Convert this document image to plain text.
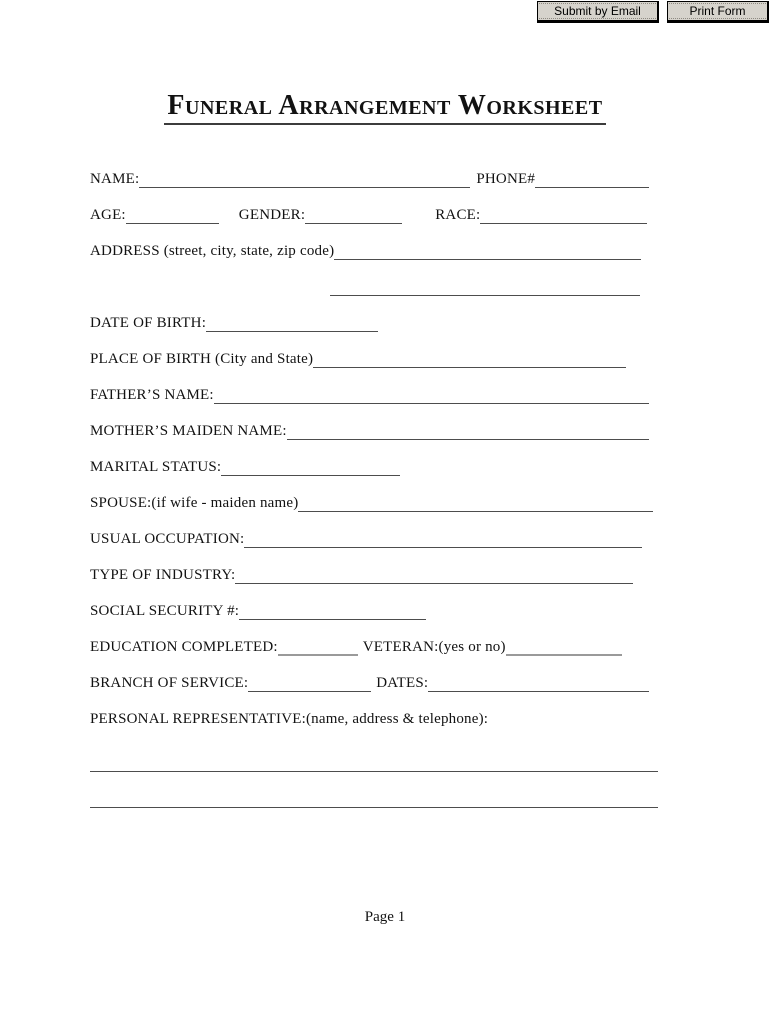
Submit by Email	Print Form
Funeral Arrangement Worksheet
NAME:	PHONE#
AGE:	GENDER:	RACE:
ADDRESS (street, city, state, zip code)
DATE OF BIRTH:
PLACE OF BIRTH (City and State)
FATHER’S NAME:
MOTHER’S MAIDEN NAME:
MARITAL STATUS:
SPOUSE:(if wife - maiden name)
USUAL OCCUPATION:
TYPE OF INDUSTRY:
SOCIAL SECURITY #:
EDUCATION COMPLETED:	VETERAN:(yes or no)
BRANCH OF SERVICE:	DATES:
PERSONAL REPRESENTATIVE:(name, address & telephone):
Page 1
